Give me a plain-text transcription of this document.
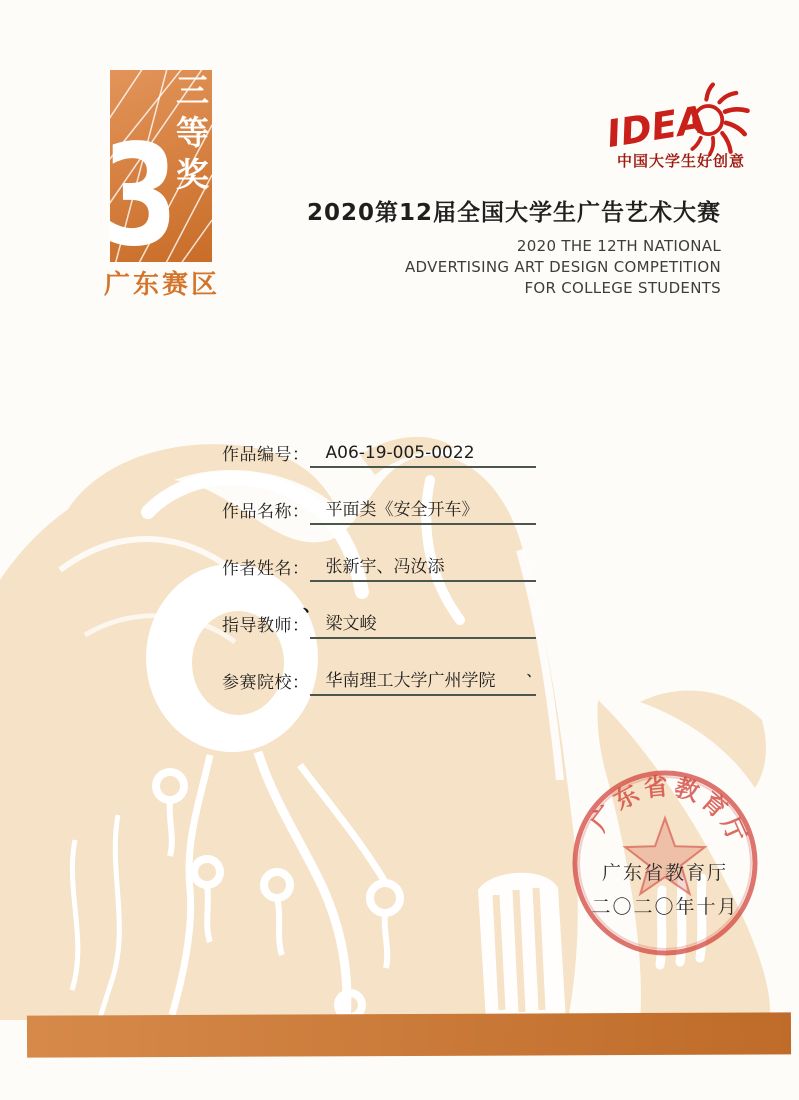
三等奖
3
广东赛区
IDEA
中国大学生好创意
2020第12届全国大学生广告艺术大赛
2020 THE 12TH NATIONAL
ADVERTISING ART DESIGN COMPETITION
FOR COLLEGE STUDENTS
作品编号： A06-19-005-0022
作品名称： 平面类《安全开车》
作者姓名： 张新宇、冯汝添
指导教师： 梁文峻
参赛院校： 华南理工大学广州学院
、
、
广东省教育厅
广东省教育厅
二〇二〇年十月
